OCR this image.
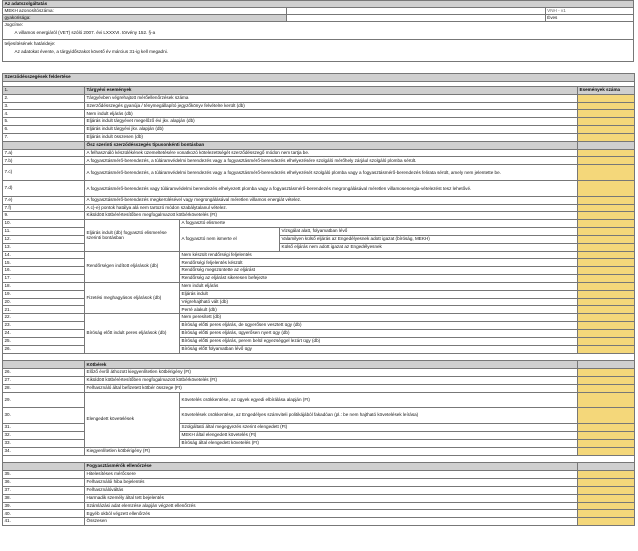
Az adatszolgáltatás		
MEKH azonosítószáma:		VNH - v1
gyakorisága:		Éves

Jogcíme:
A villamos energiáról (VET) szóló 2007. évi LXXXVI. törvény 152. §-a		

teljesítésének határideje:
Az adatokat évente, a tárgyidőszakot követő év március 31-ig kell megadni.		
Szerződésszegések feldertése				

1.	Tárgyévi események			Események száma
2.	Tárgyévben végrehajtott mérőellenőrzések száma			
3.	Szerződésszegés gyanúja / ténymegállapító jegyzőkönyv felvételre került (db)			
4.	Nem indult eljárás (db)			
5.	Eljárás indult tárgyévet megelőző évi jkv. alapján (db)			
6.	Eljárás indult tárgyévi jkv. alapján (db)			
7.	Eljárás indult összesen (db)			
	Ősz szerinti szerződésszegés típusonkénti bontásban			
7.a)	A felhasználó készülékének üzemeltetésére vonatkozó kötelezettségét szerződésszegő módon nem tartja be.			
7.b)	A fogyasztásmérő-berendezés, a túláramvédelmi berendezés vagy a fogyasztásmérő-berendezés elhelyezésére szolgáló mérőhely zárjául szolgáló plomba sérült.			
7.c)	A fogyasztásmérő-berendezés, a túláramvédelmi berendezés vagy a fogyasztásmérő-berendezés elhelyezését szolgáló plomba vagy a fogyasztásmérő-berendezés felirata sérült, amely nem jelentette be.			
7.d)	A fogyasztásmérő-berendezés vagy túláramvédelmi berendezés elhelyezett plomba vagy a fogyasztásmérő-berendezés megrongálásával méretlen villamosenergia-vételezést tesz lehetővé.			
7.e)	A fogyasztásmérő-berendezés megkerülésével vagy megrongálásával méretlen villamos energiát vételez.			
7.f)	A c)-e) pontok hatálya alá nem tartozó módon szabálytalanul vételez.			
9.	Kiküldött kötbérértesítőben megfogalmazott kötbérkövetelés (Ft)			
10.	Eljárás indult (db) fogyasztó elismerése szerinti bontásban	A fogyasztó elismerte		
11.		A fogyasztó nem ismerte el	Vizsgálat alatt, folyamatban lévő	
12.			Valamilyen külső eljárás az Engedélyesnek adott igazat (bíróság, MEKH)	
13.			Külső eljárás nem adott igazat az Engedélyesnek	
14.	Rendőrségen indított eljárások (db)	Nem készült rendőrségi feljelentés		
15.		Rendőrségi feljelentés készült		
16.		Rendőrség megszüntette az eljárást		
17.		Rendőrség az eljárást sikeresen befejezte		
18.	Fizetési meghagyásos eljárások (db)	Nem indult eljárás		
19.		Eljárás indult		
20.		Végrehajtható vált (db)		
21.		Perré alakult (db)		
22.	Bíróság előtt indult peres eljárások (db)	Nem peresített (db)		
23.		Bíróság előtti peres eljárás, de ügyerősen vesztett ügy (db)		
24.		Bíróság előtti peres eljárás, ügyerősen nyert ügy (db)		
25.		Bíróság előtti peres eljárás, perem belül egyezséggel lezárt ügy (db)		
26.		Bíróság előtt folyamatban lévő ügy		

	Kötbérek			
26.	Előző évről áthozott kiegyenlítetlen kötbérigény (Ft)			
27.	Kiküldött kötbérértesítőben megfogalmazott kötbérkövetelés (Ft)			
28.	Felhasználó által befizetett kötbér összege (Ft)			
29.	Elengedett követelések	Követelés csökkentése, az ügyek egyedi elbírálása alapján (Ft)		
30.		Követelések csökkentése, az Engedélyes számviteli politikájából fakadóan (pl.: be nem hajtható követelések leírása)		
31.		Szolgáltató által megegyezés szerint elengedett (Ft)		
32.		MEKH által elengedett követelés (Ft)		
33.		Bíróság által elengedett követelés (Ft)		
34.	Kiegyenlítetlen kötbérigény (Ft)			

	Fogyasztásmérők ellenőrzése			
35.	Hitelesítéses mérőcsere			
36.	Felhasználói hiba bejelentés			
37.	Felhasználóváltás			
38.	Harmadik személy által tett bejelentés			
39.	Számlázási adat elemzése alapján végzett ellenőrzés			
40.	Egyéb okból végzett ellenőrzés			
41.	Összesen			
